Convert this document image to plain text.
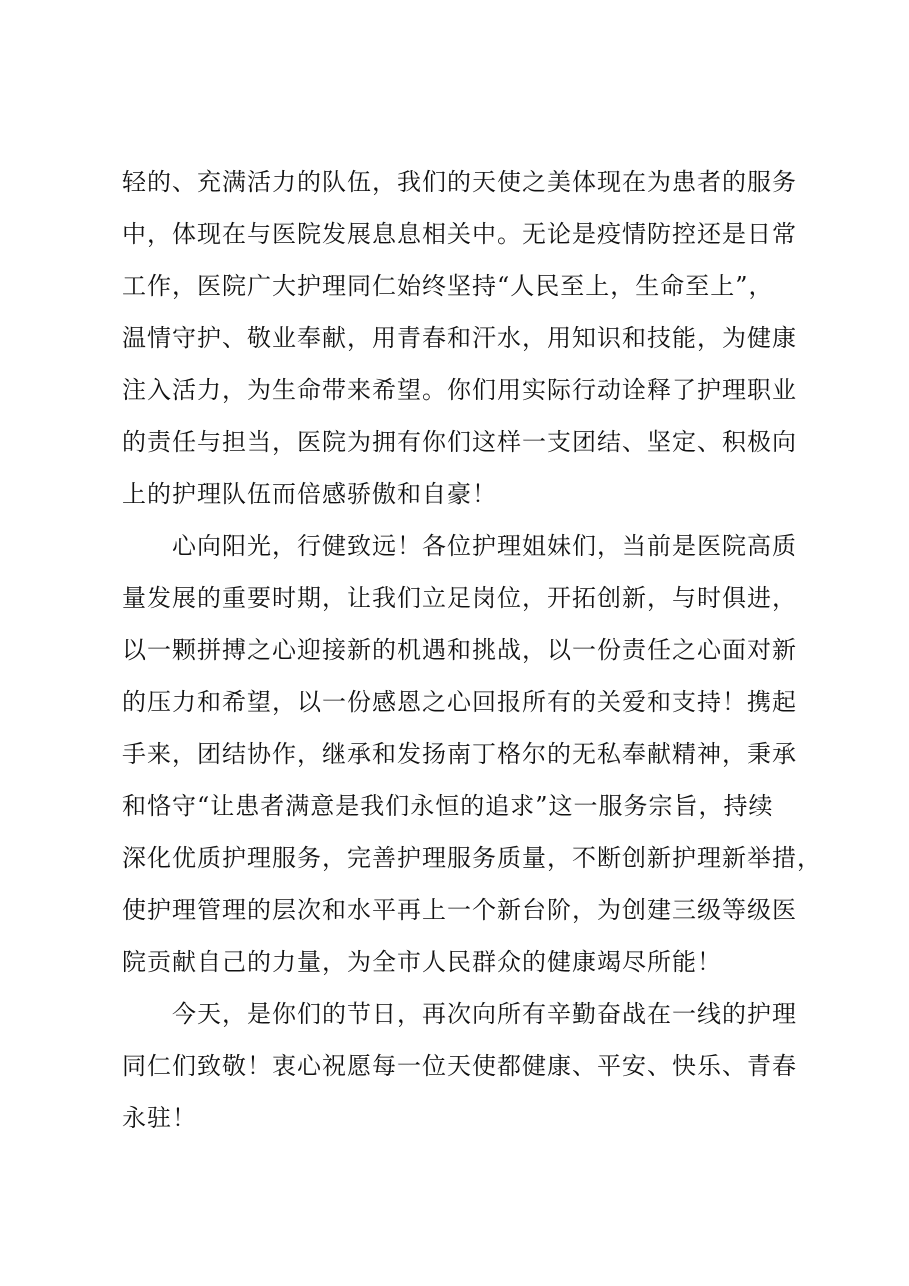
轻的、充满活力的队伍，我们的天使之美体现在为患者的服务
中，体现在与医院发展息息相关中。无论是疫情防控还是日常
工作，医院广大护理同仁始终坚持“人民至上，生命至上”，
温情守护、敬业奉献，用青春和汗水，用知识和技能，为健康
注入活力，为生命带来希望。你们用实际行动诠释了护理职业
的责任与担当，医院为拥有你们这样一支团结、坚定、积极向
上的护理队伍而倍感骄傲和自豪！
心向阳光，行健致远！各位护理姐妹们，当前是医院高质
量发展的重要时期，让我们立足岗位，开拓创新，与时俱进，
以一颗拼搏之心迎接新的机遇和挑战，以一份责任之心面对新
的压力和希望，以一份感恩之心回报所有的关爱和支持！携起
手来，团结协作，继承和发扬南丁格尔的无私奉献精神，秉承
和恪守“让患者满意是我们永恒的追求”这一服务宗旨，持续
深化优质护理服务，完善护理服务质量，不断创新护理新举措，
使护理管理的层次和水平再上一个新台阶，为创建三级等级医
院贡献自己的力量，为全市人民群众的健康竭尽所能！
今天，是你们的节日，再次向所有辛勤奋战在一线的护理
同仁们致敬！衷心祝愿每一位天使都健康、平安、快乐、青春
永驻！
